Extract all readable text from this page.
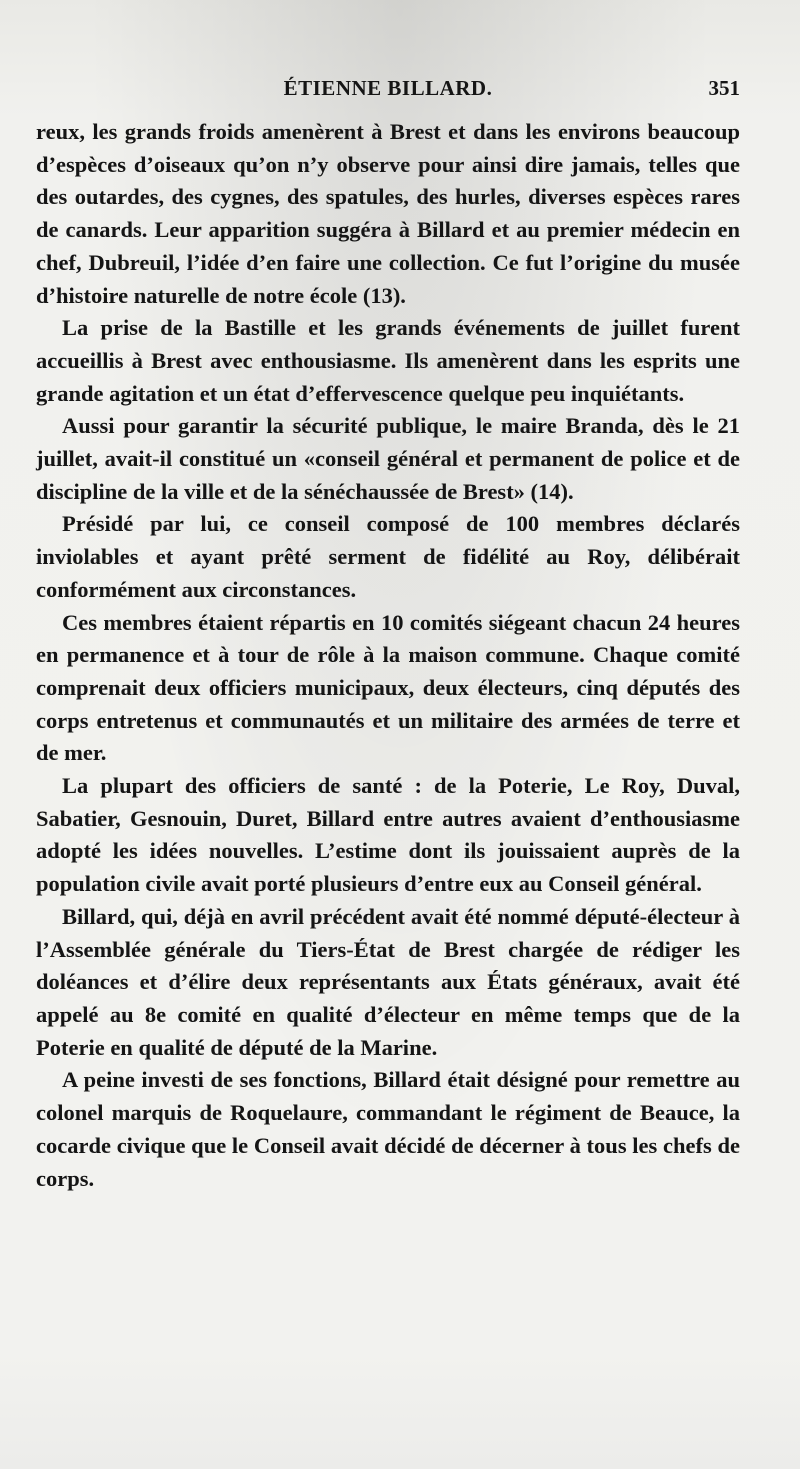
ÉTIENNE BILLARD.	351

reux, les grands froids amenèrent à Brest et dans les environs beaucoup d’espèces d’oiseaux qu’on n’y observe pour ainsi dire jamais, telles que des outardes, des cygnes, des spatules, des hurles, diverses espèces rares de canards. Leur apparition suggéra à Billard et au premier médecin en chef, Dubreuil, l’idée d’en faire une collection. Ce fut l’origine du musée d’histoire naturelle de notre école (13).

La prise de la Bastille et les grands événements de juillet furent accueillis à Brest avec enthousiasme. Ils amenèrent dans les esprits une grande agitation et un état d’effervescence quelque peu inquiétants.

Aussi pour garantir la sécurité publique, le maire Branda, dès le 21 juillet, avait-il constitué un «conseil général et permanent de police et de discipline de la ville et de la sénéchaussée de Brest» (14).

Présidé par lui, ce conseil composé de 100 membres déclarés inviolables et ayant prêté serment de fidélité au Roy, délibérait conformément aux circonstances.

Ces membres étaient répartis en 10 comités siégeant chacun 24 heures en permanence et à tour de rôle à la maison commune. Chaque comité comprenait deux officiers municipaux, deux électeurs, cinq députés des corps entretenus et communautés et un militaire des armées de terre et de mer.

La plupart des officiers de santé : de la Poterie, Le Roy, Duval, Sabatier, Gesnouin, Duret, Billard entre autres avaient d’enthousiasme adopté les idées nouvelles. L’estime dont ils jouissaient auprès de la population civile avait porté plusieurs d’entre eux au Conseil général.

Billard, qui, déjà en avril précédent avait été nommé député-électeur à l’Assemblée générale du Tiers-État de Brest chargée de rédiger les doléances et d’élire deux représentants aux États généraux, avait été appelé au 8e comité en qualité d’électeur en même temps que de la Poterie en qualité de député de la Marine.

A peine investi de ses fonctions, Billard était désigné pour remettre au colonel marquis de Roquelaure, commandant le régiment de Beauce, la cocarde civique que le Conseil avait décidé de décerner à tous les chefs de corps.
